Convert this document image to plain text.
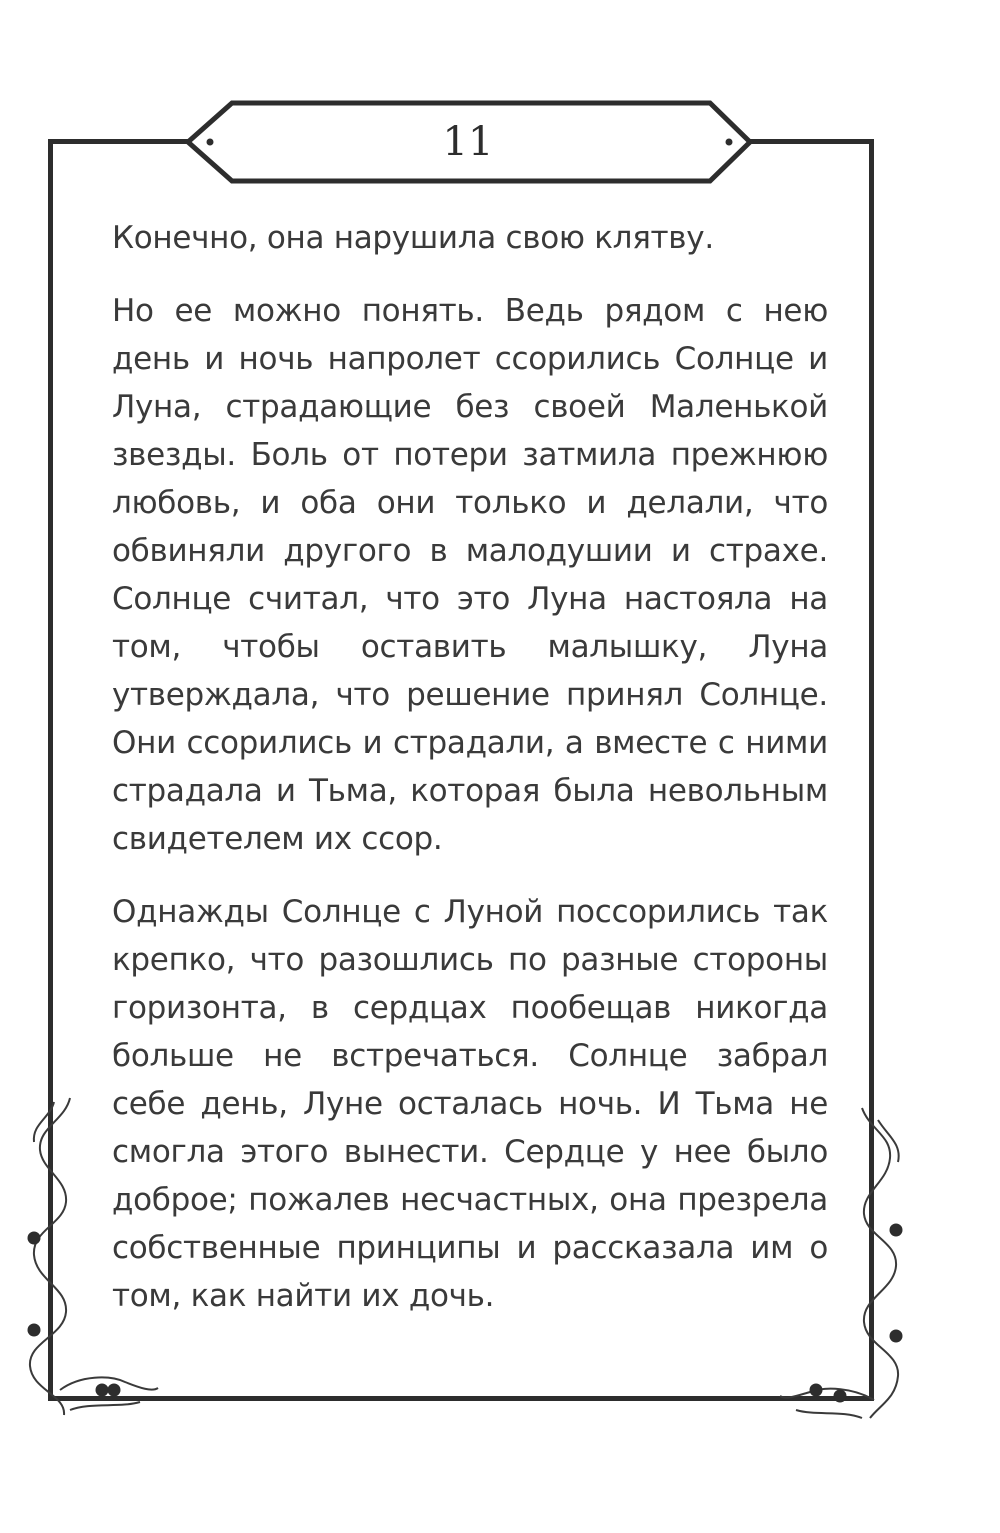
11

Конечно, она нарушила свою клятву.

Но ее можно понять. Ведь рядом с нею день и ночь напролет ссорились Солнце и Луна, страдающие без своей Маленькой звезды. Боль от потери затмила прежнюю любовь, и оба они только и делали, что обвиняли другого в малодушии и страхе. Солнце считал, что это Луна настояла на том, чтобы оставить малышку, Луна утверждала, что решение принял Солнце. Они ссорились и страдали, а вместе с ними страдала и Тьма, которая была невольным свидетелем их ссор.

Однажды Солнце с Луной поссорились так крепко, что разошлись по разные стороны горизонта, в сердцах пообещав никогда больше не встречаться. Солнце забрал себе день, Луне осталась ночь. И Тьма не смогла этого вынести. Сердце у нее было доброе; пожалев несчастных, она презрела собственные принципы и рассказала им о том, как найти их дочь.
